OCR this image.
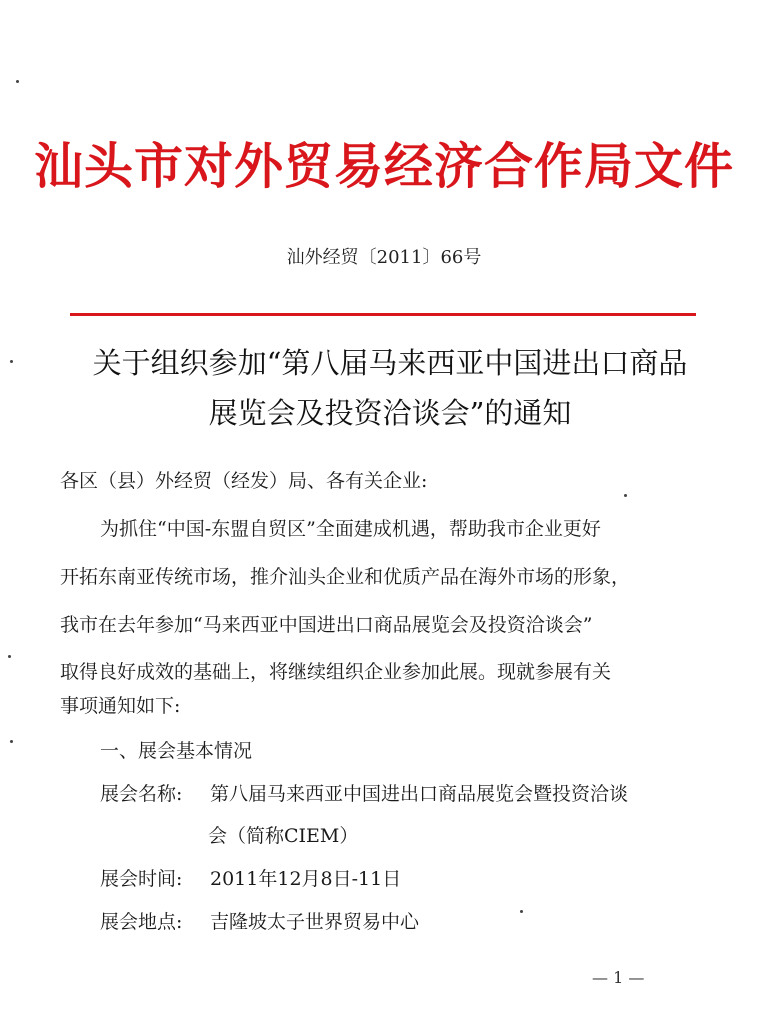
汕头市对外贸易经济合作局文件
汕外经贸〔2011〕66号
关于组织参加“第八届马来西亚中国进出口商品
展览会及投资洽谈会”的通知
各区（县）外经贸（经发）局、各有关企业:
为抓住“中国-东盟自贸区”全面建成机遇，帮助我市企业更好
开拓东南亚传统市场，推介汕头企业和优质产品在海外市场的形象，
我市在去年参加“马来西亚中国进出口商品展览会及投资洽谈会”
取得良好成效的基础上，将继续组织企业参加此展。现就参展有关
事项通知如下:
一、展会基本情况
展会名称: 第八届马来西亚中国进出口商品展览会暨投资洽谈
会（简称CIEM）
展会时间: 2011年12月8日-11日
展会地点: 吉隆坡太子世界贸易中心
— 1 —
